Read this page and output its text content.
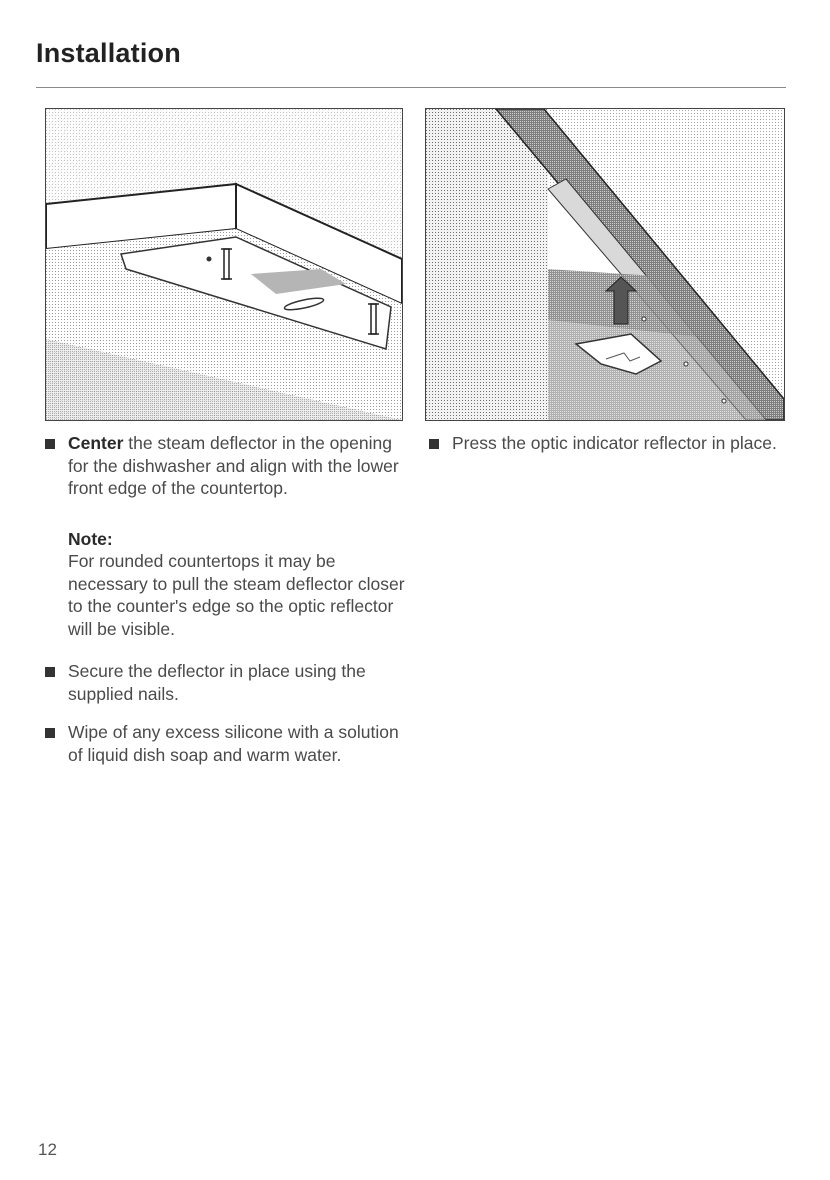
Installation

Center the steam deflector in the opening for the dishwasher and align with the lower front edge of the countertop.

Note:
For rounded countertops it may be necessary to pull the steam deflector closer to the counter's edge so the optic reflector will be visible.

Secure the deflector in place using the supplied nails.

Wipe of any excess silicone with a solution of liquid dish soap and warm water.

Press the optic indicator reflector in place.

12
